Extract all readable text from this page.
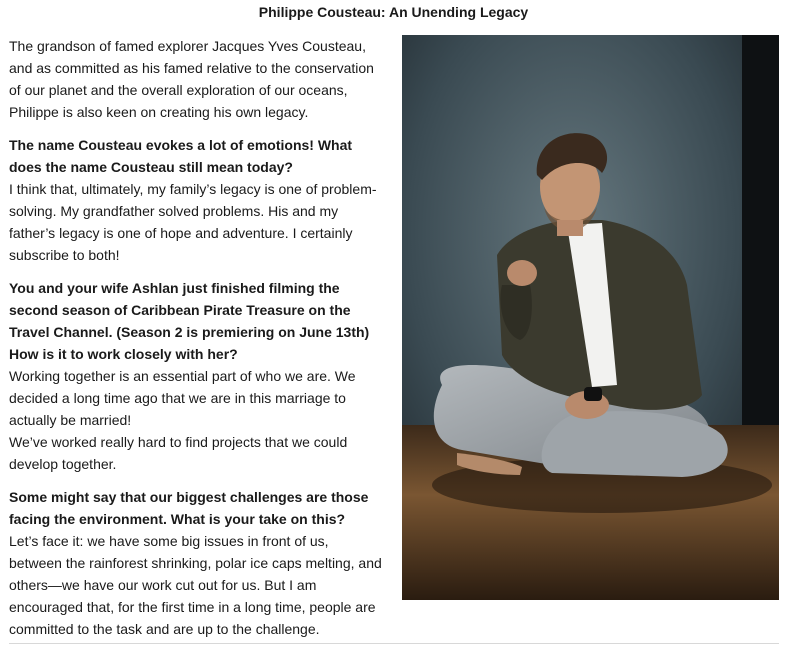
Philippe Cousteau: An Unending Legacy

The grandson of famed explorer Jacques Yves Cousteau, and as committed as his famed relative to the conservation of our planet and the overall exploration of our oceans, Philippe is also keen on creating his own legacy.

The name Cousteau evokes a lot of emotions! What does the name Cousteau still mean today?
I think that, ultimately, my family’s legacy is one of problem-solving. My grandfather solved problems. His and my father’s legacy is one of hope and adventure. I certainly subscribe to both!

You and your wife Ashlan just finished filming the second season of Caribbean Pirate Treasure on the Travel Channel. (Season 2 is premiering on June 13th) How is it to work closely with her?
Working together is an essential part of who we are. We decided a long time ago that we are in this marriage to actually be married!
We’ve worked really hard to find projects that we could develop together.

Some might say that our biggest challenges are those facing the environment. What is your take on this?
Let’s face it: we have some big issues in front of us, between the rainforest shrinking, polar ice caps melting, and others—we have our work cut out for us. But I am encouraged that, for the first time in a long time, people are committed to the task and are up to the challenge.
